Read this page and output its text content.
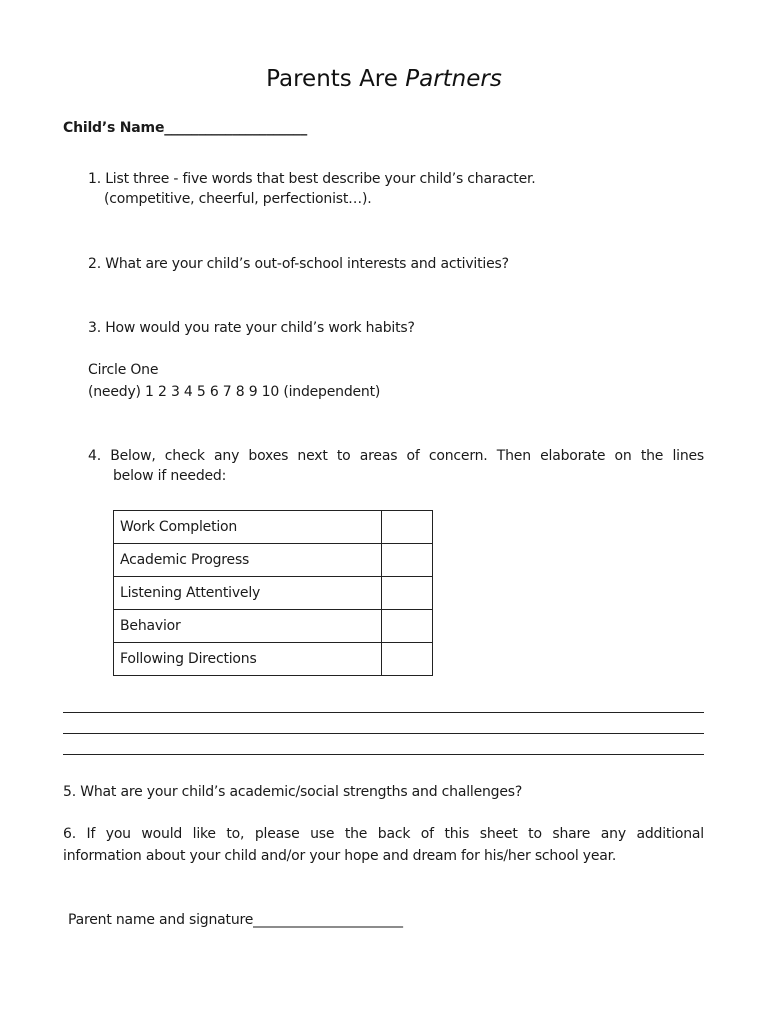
Parents Are Partners
Child’s Name_____________________
1. List three - five words that best describe your child’s character.
(competitive, cheerful, perfectionist…).
2. What are your child’s out-of-school interests and activities?
3. How would you rate your child’s work habits?
Circle One
(needy) 1 2 3 4 5 6 7 8 9 10 (independent)
4. Below, check any boxes next to areas of concern. Then elaborate on the lines
below if needed:
Work Completion	
Academic Progress	
Listening Attentively	
Behavior	
Following Directions	
5. What are your child’s academic/social strengths and challenges?
6. If you would like to, please use the back of this sheet to share any additional
information about your child and/or your hope and dream for his/her school year.
Parent name and signature______________________
